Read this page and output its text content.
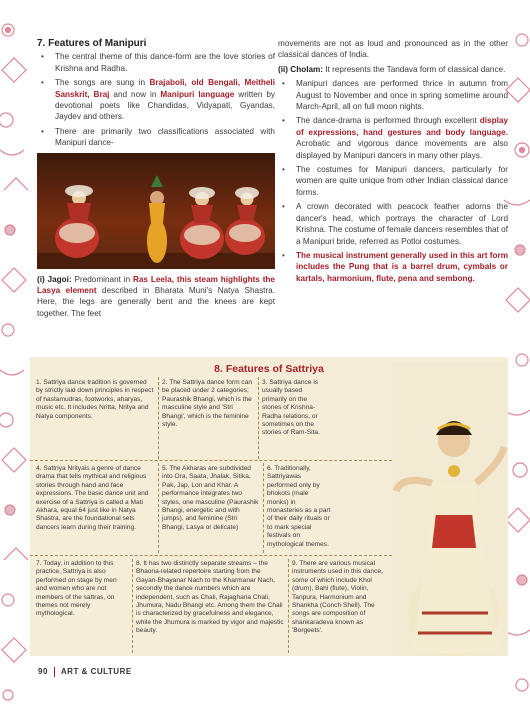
7. Features of Manipuri
• The central theme of this dance-form are the love stories of Krishna and Radha.
• The songs are sung in Brajaboli, old Bengali, Meitheli Sanskrit, Braj and now in Manipuri language written by devotional poets like Chandidas, Vidyapati, Gyandas, Jaydev and others.
• There are primarily two classifications associated with Manipuri dance-

(i) Jagoi: Predominant in Ras Leela, this steam highlights the Lasya element described in Bharata Muni's Natya Shastra. Here, the legs are generally bent and the knees are kept together. The feet

movements are not as loud and pronounced as in the other classical dances of India.

(ii) Cholam: It represents the Tandava form of classical dance.

• Manipuri dances are performed thrice in autumn from August to November and once in spring sometime around March-April, all on full moon nights.
• The dance-drama is performed through excellent display of expressions, hand gestures and body language. Acrobatic and vigorous dance movements are also displayed by Manipuri dancers in many other plays.
• The costumes for Manipuri dancers, particularly for women are quite unique from other Indian classical dance forms.
• A crown decorated with peacock feather adorns the dancer's head, which portrays the character of Lord Krishna. The costume of female dancers resembles that of a Manipuri bride, referred as Potloi costumes.
• The musical instrument generally used in this art form includes the Pung that is a barrel drum, cymbals or kartals, harmonium, flute, pena and sembong.
8. Features of Sattriya
1. Sattriya dance tradition is governed by strictly laid down principles in respect of hastamudras, footworks, aharyas, music etc. It includes Nritta, Nritya and Natya components.
2. The Sattriya dance form can be placed under 2 categories; Paurashik Bhangi, which is the masculine style and 'Stri Bhangi', which is the feminine style.
3. Sattriya dance is usually based primarily on the stories of Krishna-Radha relations, or sometimes on the stories of Ram-Sita.
4. Sattriya Nrityais a genre of dance drama that tells mythical and religious stories through hand and face expressions. The basic dance unit and exercise of a Sattriya is called a Mati Akhara, equal 64 just like in Natya Shastra, are the foundational sets dancers learn during their training.
5. The Akharas are subdivided into Ora, Saata, Jhalak, Sitika, Pak, Jap, Lon and Khar. A performance integrates two styles, one masculine (Paurashik Bhangi, energetic and with jumps), and feminine (Stri Bhangi, Lasya or delicate)
6. Traditionally, Sattriyawas performed only by bhokots (male monks) in monasteries as a part of their daily rituals or to mark special festivals on mythological themes.
7. Today, in addition to this practice, Sattriya is also performed on stage by men and women who are not members of the sattras, on themes not merely mythological.
8. It has two distinctly separate streams – the Bhaona-related repertoire starting from the Gayan-Bhayanar Nach to the Kharmanar Nach, secondly the dance numbers which are independent, such as Chali, Rajagharia Chali, Jhumura, Nadu Bhangi etc. Among them the Chali is characterized by gracefulness and elegance, while the Jhumura is marked by vigor and majestic beauty.
9. There are various musical instruments used in this dance, some of which include Khol (drum), Bahi (flute), Violin, Tanpura, Harmonium and Shankha (Conch Shell). The songs are composition of shankaradeva known as 'Borgeets'.
90 ART & CULTURE
